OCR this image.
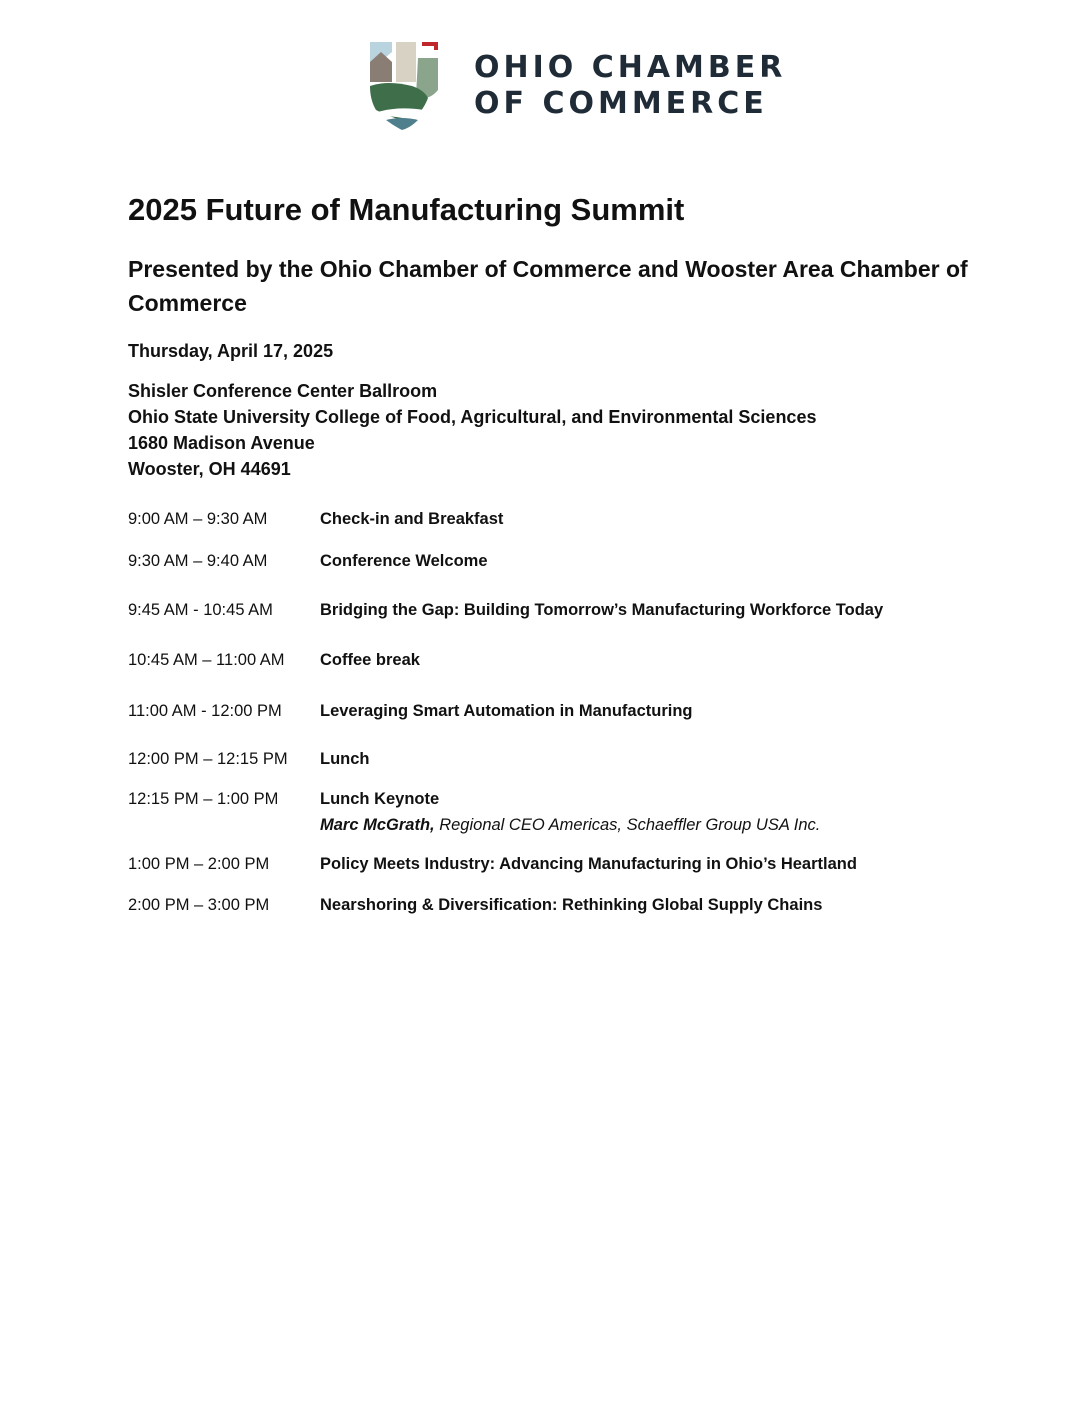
OHIO CHAMBER
OF COMMERCE
2025 Future of Manufacturing Summit

Presented by the Ohio Chamber of Commerce and Wooster Area Chamber of Commerce

Thursday, April 17, 2025

Shisler Conference Center Ballroom
Ohio State University College of Food, Agricultural, and Environmental Sciences
1680 Madison Avenue
Wooster, OH 44691
9:00 AM – 9:30 AM	Check-in and Breakfast
9:30 AM – 9:40 AM	Conference Welcome
9:45 AM - 10:45 AM	Bridging the Gap: Building Tomorrow’s Manufacturing Workforce Today
10:45 AM – 11:00 AM	Coffee break
11:00 AM - 12:00 PM	Leveraging Smart Automation in Manufacturing
12:00 PM – 12:15 PM	Lunch
12:15 PM – 1:00 PM	Lunch Keynote
Marc McGrath, Regional CEO Americas, Schaeffler Group USA Inc.
1:00 PM – 2:00 PM	Policy Meets Industry: Advancing Manufacturing in Ohio’s Heartland
2:00 PM – 3:00 PM	Nearshoring & Diversification: Rethinking Global Supply Chains
